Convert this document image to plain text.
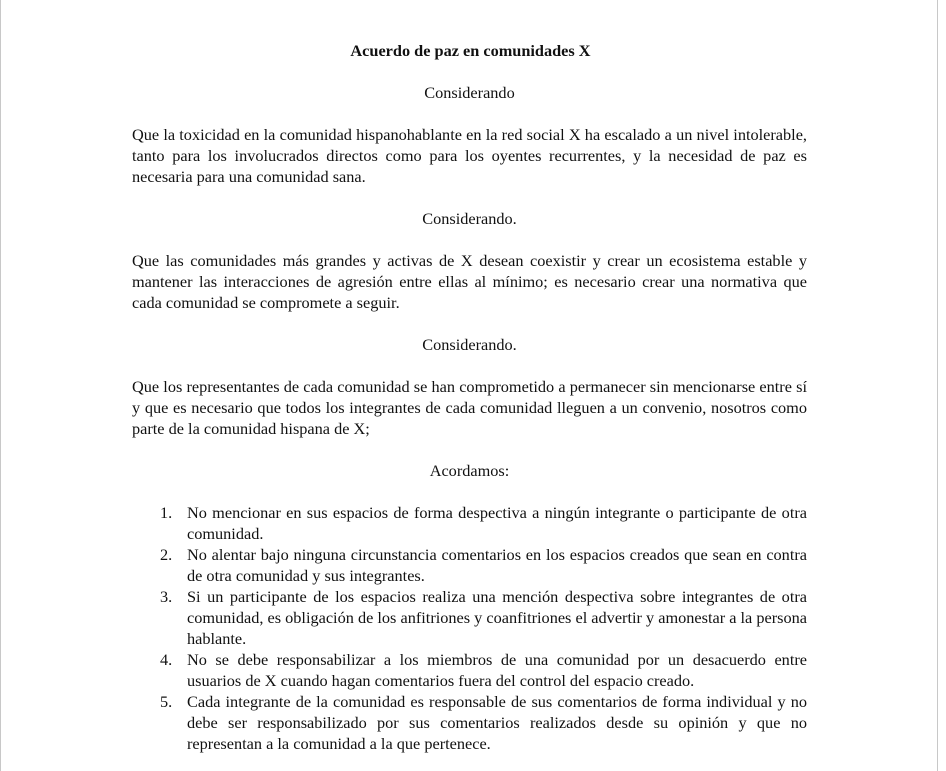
Acuerdo de paz en comunidades X
Considerando

Que la toxicidad en la comunidad hispanohablante en la red social X ha escalado a un nivel intolerable, tanto para los involucrados directos como para los oyentes recurrentes, y la necesidad de paz es necesaria para una comunidad sana.

Considerando.

Que las comunidades más grandes y activas de X desean coexistir y crear un ecosistema estable y mantener las interacciones de agresión entre ellas al mínimo; es necesario crear una normativa que cada comunidad se compromete a seguir.

Considerando.

Que los representantes de cada comunidad se han comprometido a permanecer sin mencionarse entre sí y que es necesario que todos los integrantes de cada comunidad lleguen a un convenio, nosotros como parte de la comunidad hispana de X;

Acordamos:
1. No mencionar en sus espacios de forma despectiva a ningún integrante o participante de otra comunidad.
2. No alentar bajo ninguna circunstancia comentarios en los espacios creados que sean en contra de otra comunidad y sus integrantes.
3. Si un participante de los espacios realiza una mención despectiva sobre integrantes de otra comunidad, es obligación de los anfitriones y coanfitriones el advertir y amonestar a la persona hablante.
4. No se debe responsabilizar a los miembros de una comunidad por un desacuerdo entre usuarios de X cuando hagan comentarios fuera del control del espacio creado.
5. Cada integrante de la comunidad es responsable de sus comentarios de forma individual y no debe ser responsabilizado por sus comentarios realizados desde su opinión y que no representan a la comunidad a la que pertenece.
